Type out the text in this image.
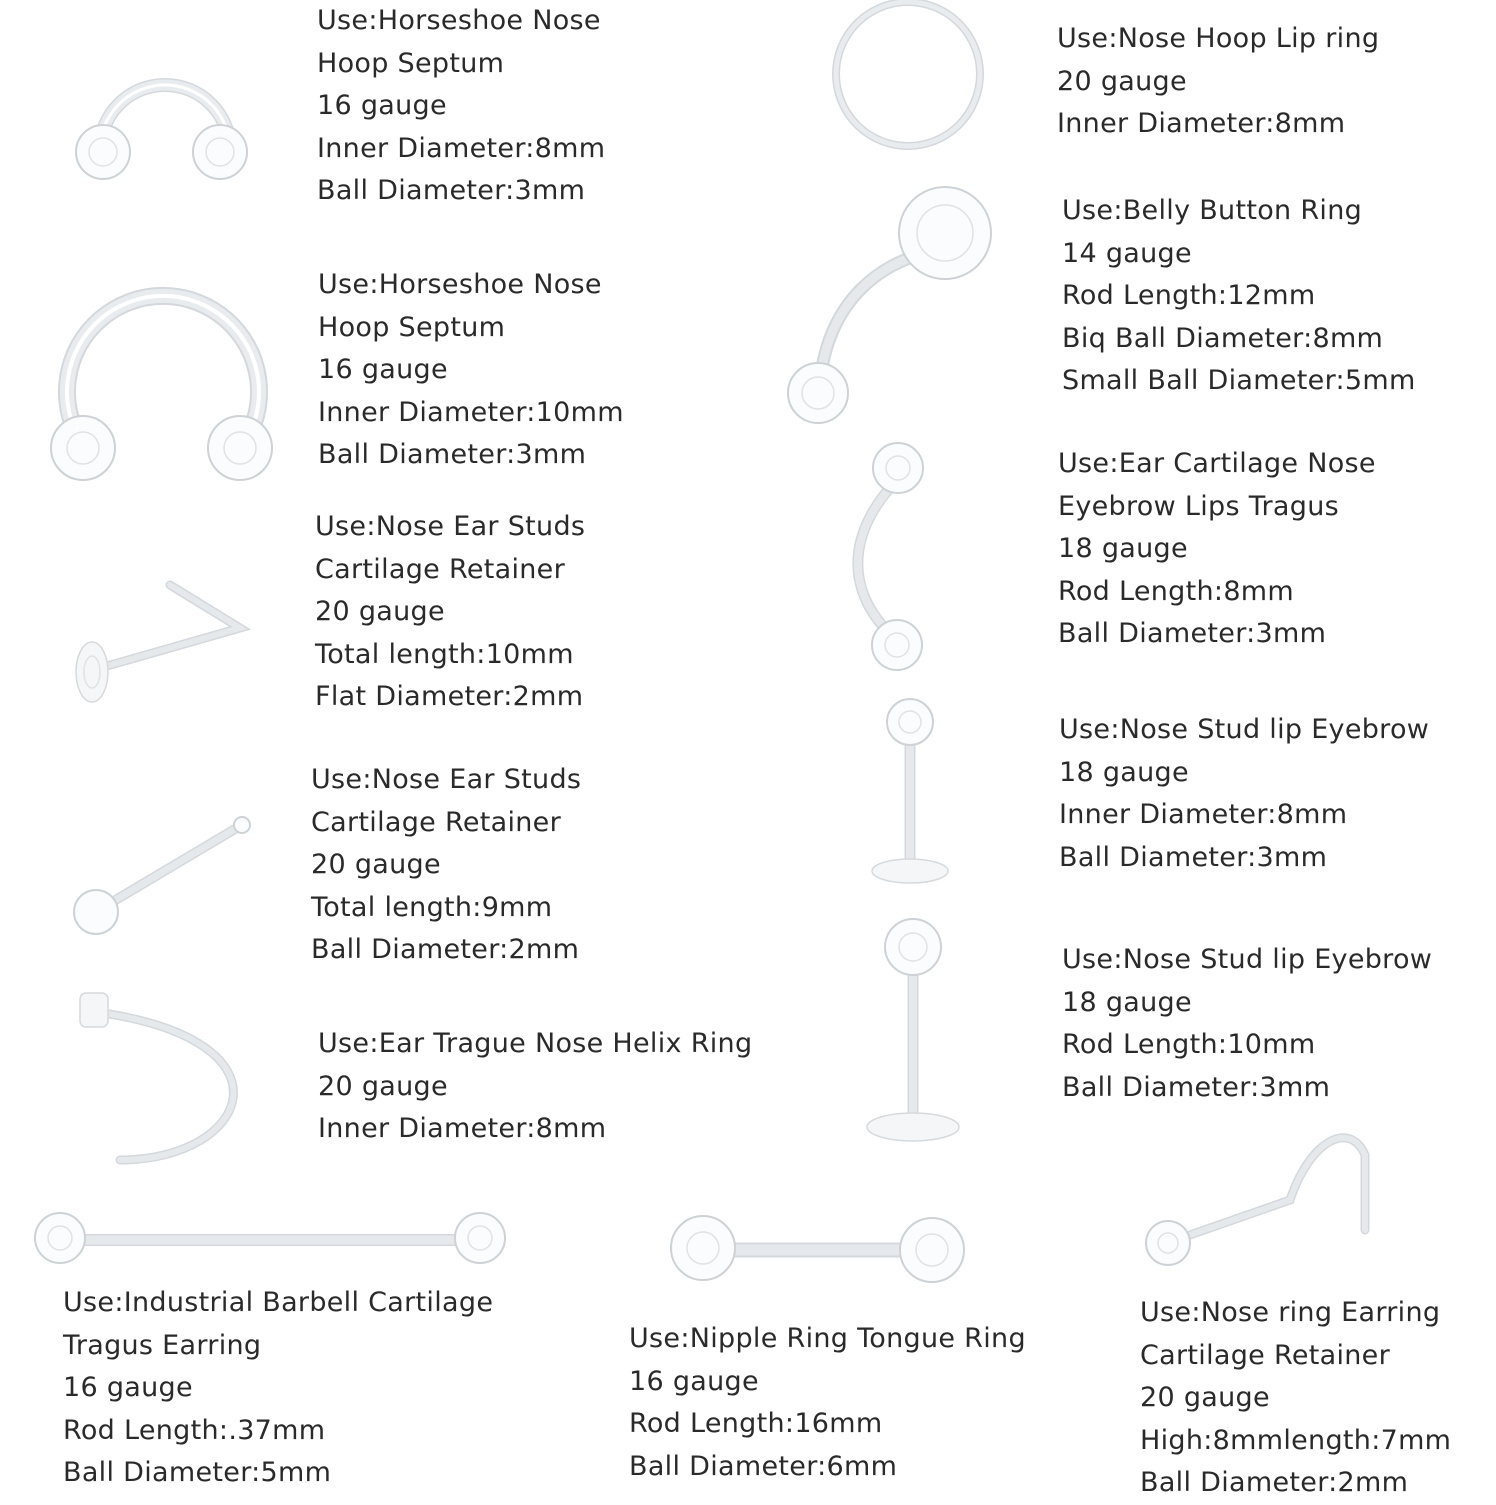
Use:Horseshoe Nose
Hoop Septum
16 gauge
Inner Diameter:8mm
Ball Diameter:3mm
Use:Horseshoe Nose
Hoop Septum
16 gauge
Inner Diameter:10mm
Ball Diameter:3mm
Use:Nose Ear Studs
Cartilage Retainer
20 gauge
Total length:10mm
Flat Diameter:2mm
Use:Nose Ear Studs
Cartilage Retainer
20 gauge
Total length:9mm
Ball Diameter:2mm
Use:Ear Trague Nose Helix Ring
20 gauge
Inner Diameter:8mm
Use:Nose Hoop Lip ring
20 gauge
Inner Diameter:8mm
Use:Belly Button Ring
14 gauge
Rod Length:12mm
Biq Ball Diameter:8mm
Small Ball Diameter:5mm
Use:Ear Cartilage Nose
Eyebrow Lips Tragus
18 gauge
Rod Length:8mm
Ball Diameter:3mm
Use:Nose Stud lip Eyebrow
18 gauge
Inner Diameter:8mm
Ball Diameter:3mm
Use:Nose Stud lip Eyebrow
18 gauge
Rod Length:10mm
Ball Diameter:3mm
Use:Industrial Barbell Cartilage
Tragus Earring
16 gauge
Rod Length:.37mm
Ball Diameter:5mm
Use:Nipple Ring Tongue Ring
16 gauge
Rod Length:16mm
Ball Diameter:6mm
Use:Nose ring Earring
Cartilage Retainer
20 gauge
High:8mmlength:7mm
Ball Diameter:2mm
